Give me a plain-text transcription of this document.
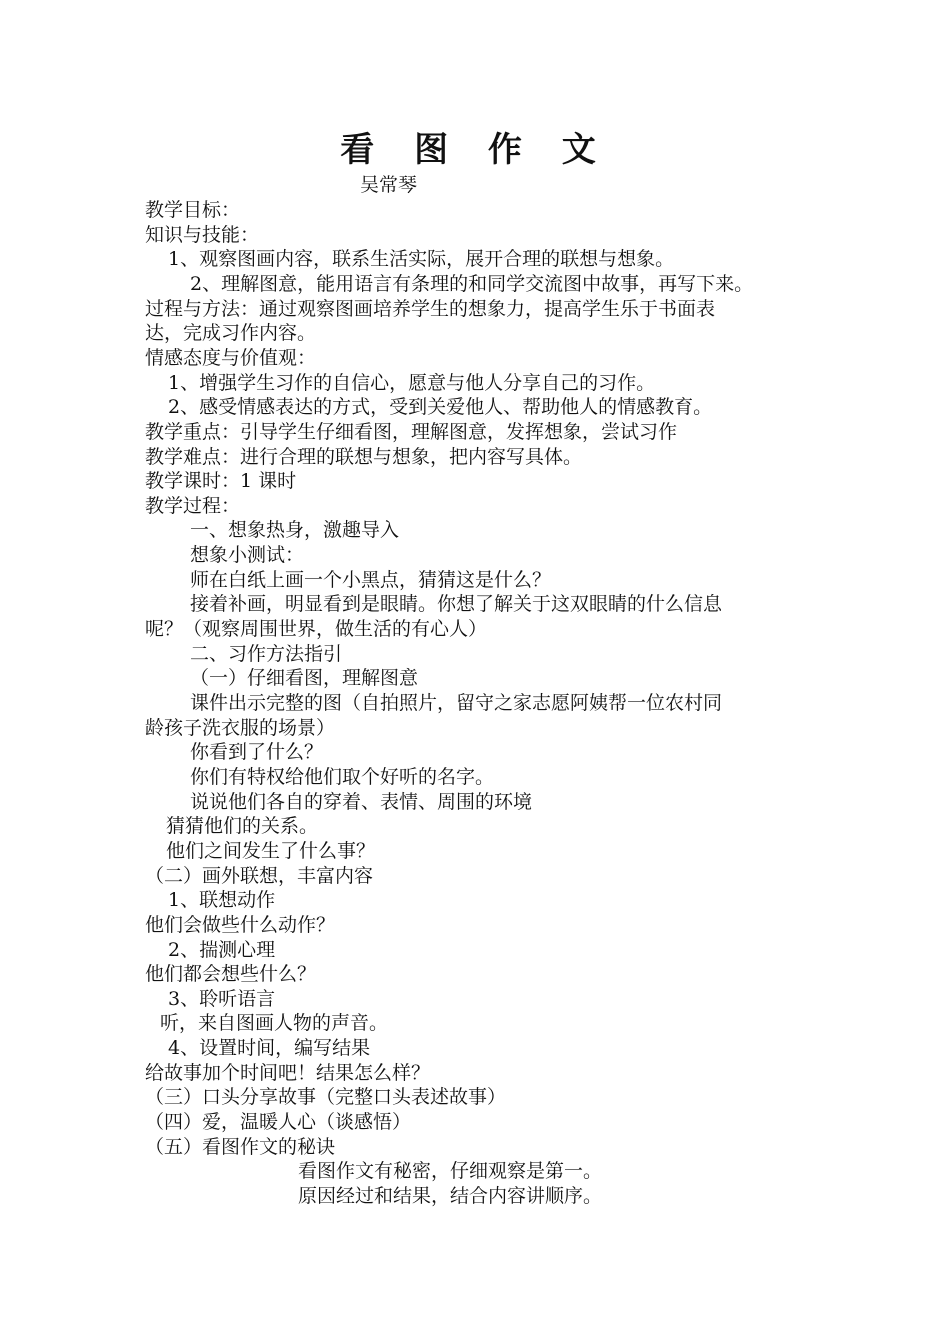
看 图 作 文
吴常琴
教学目标：
知识与技能：
1、观察图画内容，联系生活实际，展开合理的联想与想象。
2、理解图意，能用语言有条理的和同学交流图中故事，再写下来。
过程与方法：通过观察图画培养学生的想象力，提高学生乐于书面表
达，完成习作内容。
情感态度与价值观：
1、增强学生习作的自信心，愿意与他人分享自己的习作。
2、感受情感表达的方式，受到关爱他人、帮助他人的情感教育。
教学重点：引导学生仔细看图，理解图意，发挥想象，尝试习作
教学难点：进行合理的联想与想象，把内容写具体。
教学课时：1 课时
教学过程：
一、想象热身，激趣导入
想象小测试：
师在白纸上画一个小黑点，猜猜这是什么？
接着补画，明显看到是眼睛。你想了解关于这双眼睛的什么信息
呢？（观察周围世界，做生活的有心人）
二、习作方法指引
（一）仔细看图，理解图意
课件出示完整的图（自拍照片，留守之家志愿阿姨帮一位农村同
龄孩子洗衣服的场景）
你看到了什么？
你们有特权给他们取个好听的名字。
说说他们各自的穿着、表情、周围的环境
猜猜他们的关系。
他们之间发生了什么事？
（二）画外联想，丰富内容
1、联想动作
他们会做些什么动作？
2、揣测心理
他们都会想些什么？
3、聆听语言
听，来自图画人物的声音。
4、设置时间，编写结果
给故事加个时间吧！结果怎么样？
（三）口头分享故事（完整口头表述故事）
（四）爱，温暖人心（谈感悟）
（五）看图作文的秘诀
看图作文有秘密，仔细观察是第一。
原因经过和结果，结合内容讲顺序。
